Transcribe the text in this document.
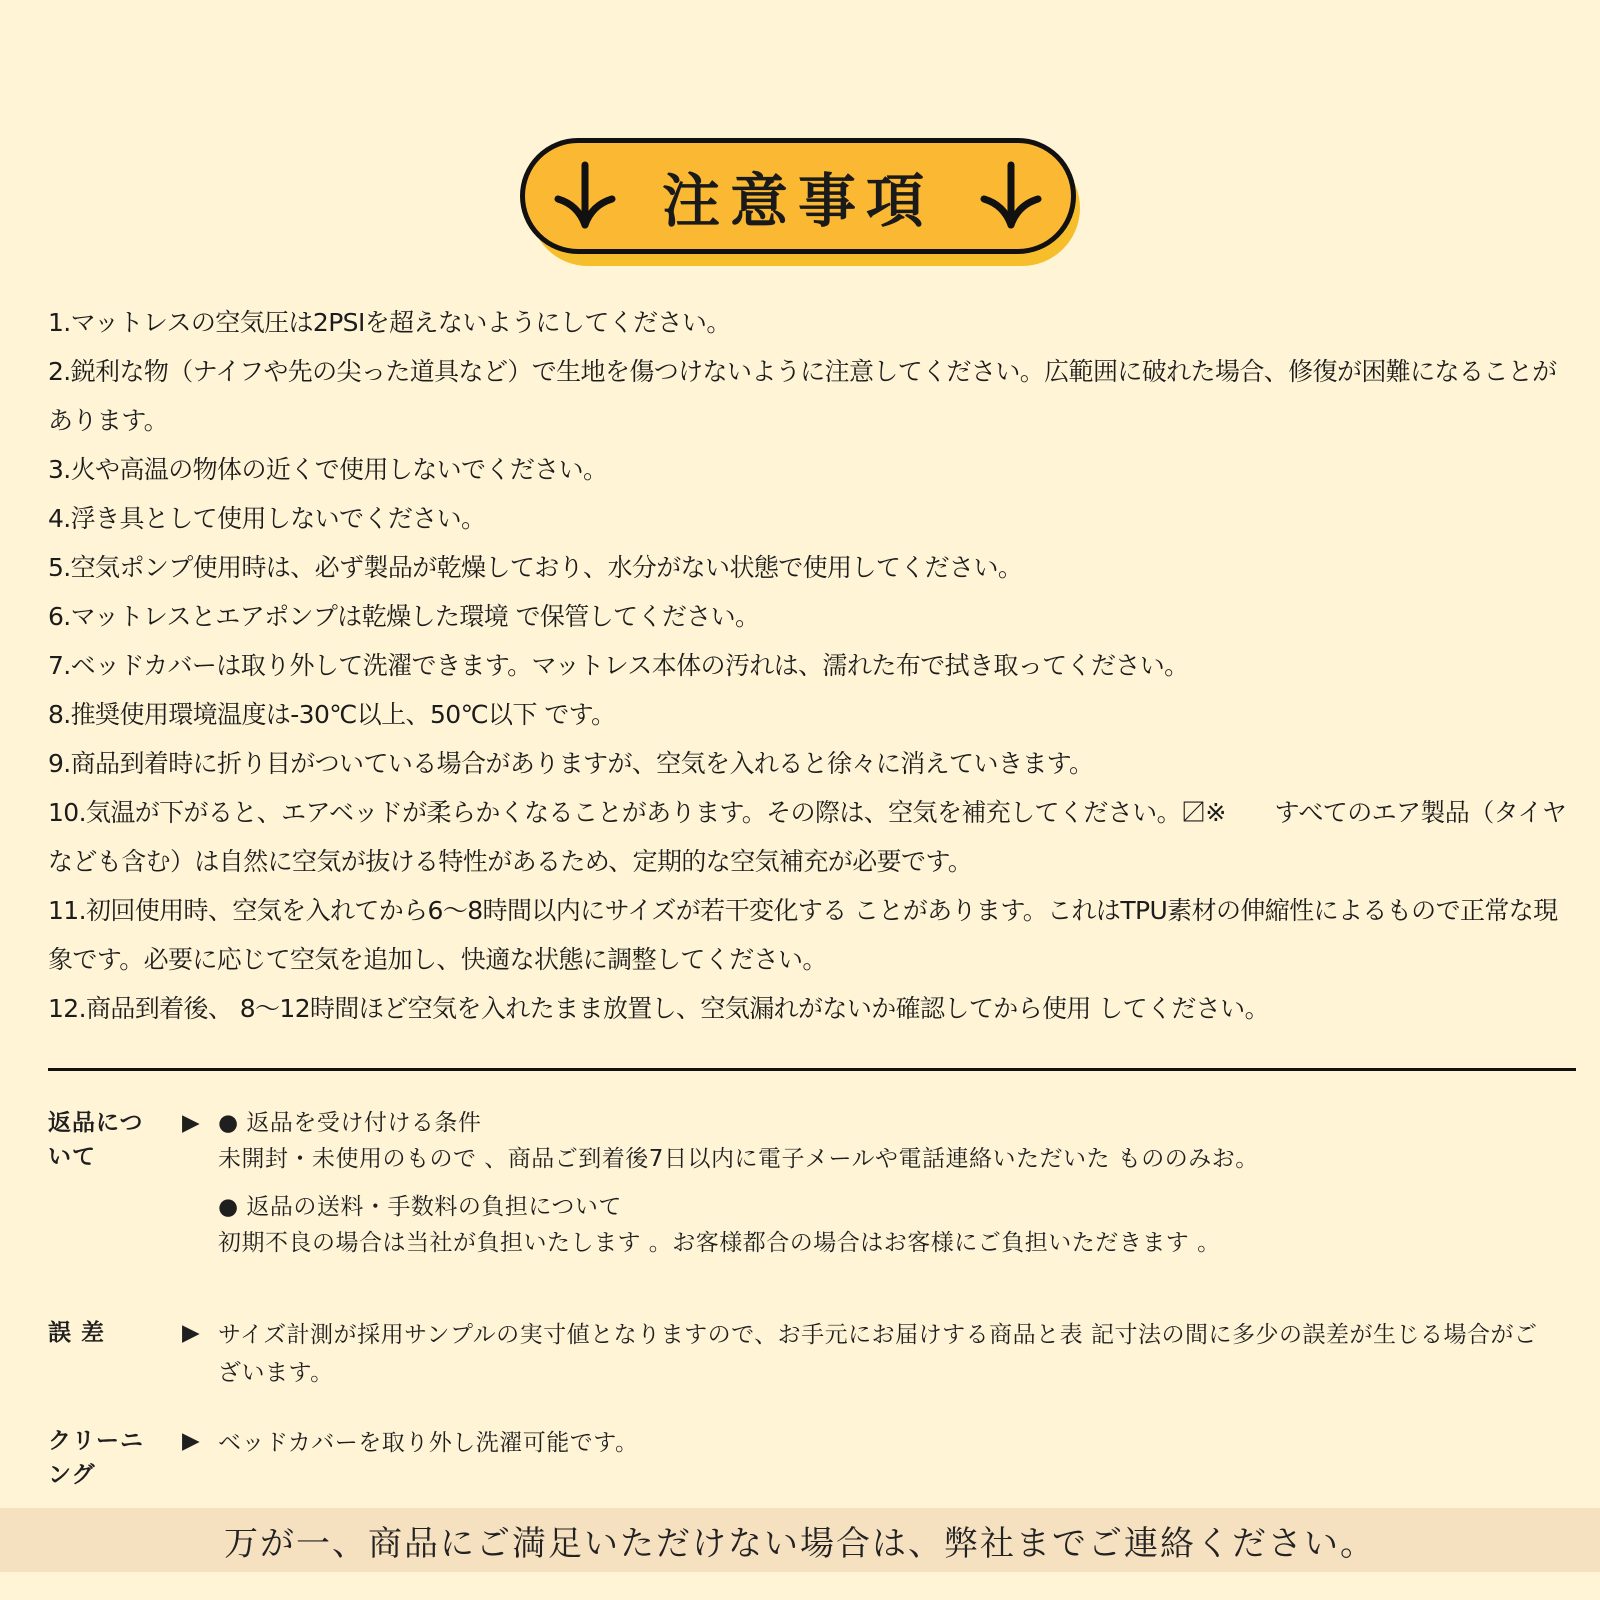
注意事項
1.マットレスの空気圧は2PSIを超えないようにしてください。
2.鋭利な物（ナイフや先の尖った道具など）で生地を傷つけないように注意してください。広範囲に破れた場合、修復が困難になることがあります。
3.火や高温の物体の近くで使用しないでください。
4.浮き具として使用しないでください。
5.空気ポンプ使用時は、必ず製品が乾燥しており、水分がない状態で使用してください。
6.マットレスとエアポンプは乾燥した環境 で保管してください。
7.ベッドカバーは取り外して洗濯できます。マットレス本体の汚れは、濡れた布で拭き取ってください。
8.推奨使用環境温度は-30℃以上、50℃以下 です。
9.商品到着時に折り目がついている場合がありますが、空気を入れると徐々に消えていきます。
10.気温が下がると、エアベッドが柔らかくなることがあります。その際は、空気を補充してください。〼※　　すべてのエア製品（タイヤなども含む）は自然に空気が抜ける特性があるため、定期的な空気補充が必要です。
11.初回使用時、空気を入れてから6～8時間以内にサイズが若干変化する ことがあります。これはTPU素材の伸縮性によるもので正常な現象です。必要に応じて空気を追加し、快適な状態に調整してください。
12.商品到着後、 8～12時間ほど空気を入れたまま放置し、空気漏れがないか確認してから使用 してください。
返品について
▶ ● 返品を受け付ける条件

未開封・未使用のもので 、商品ご到着後7日以内に電子メールや電話連絡いただいた もののみお。

● 返品の送料・手数料の負担について

初期不良の場合は当社が負担いたします 。お客様都合の場合はお客様にご負担いただきます 。

誤 差	▶ サイズ計測が採用サンプルの実寸値となりますので、お手元にお届けする商品と表 記寸法の間に多少の誤差が生じる場合がございます。

クリーニング
▶ ベッドカバーを取り外し洗濯可能です。

万が一、商品にご満足いただけない場合は、弊社までご連絡ください。
